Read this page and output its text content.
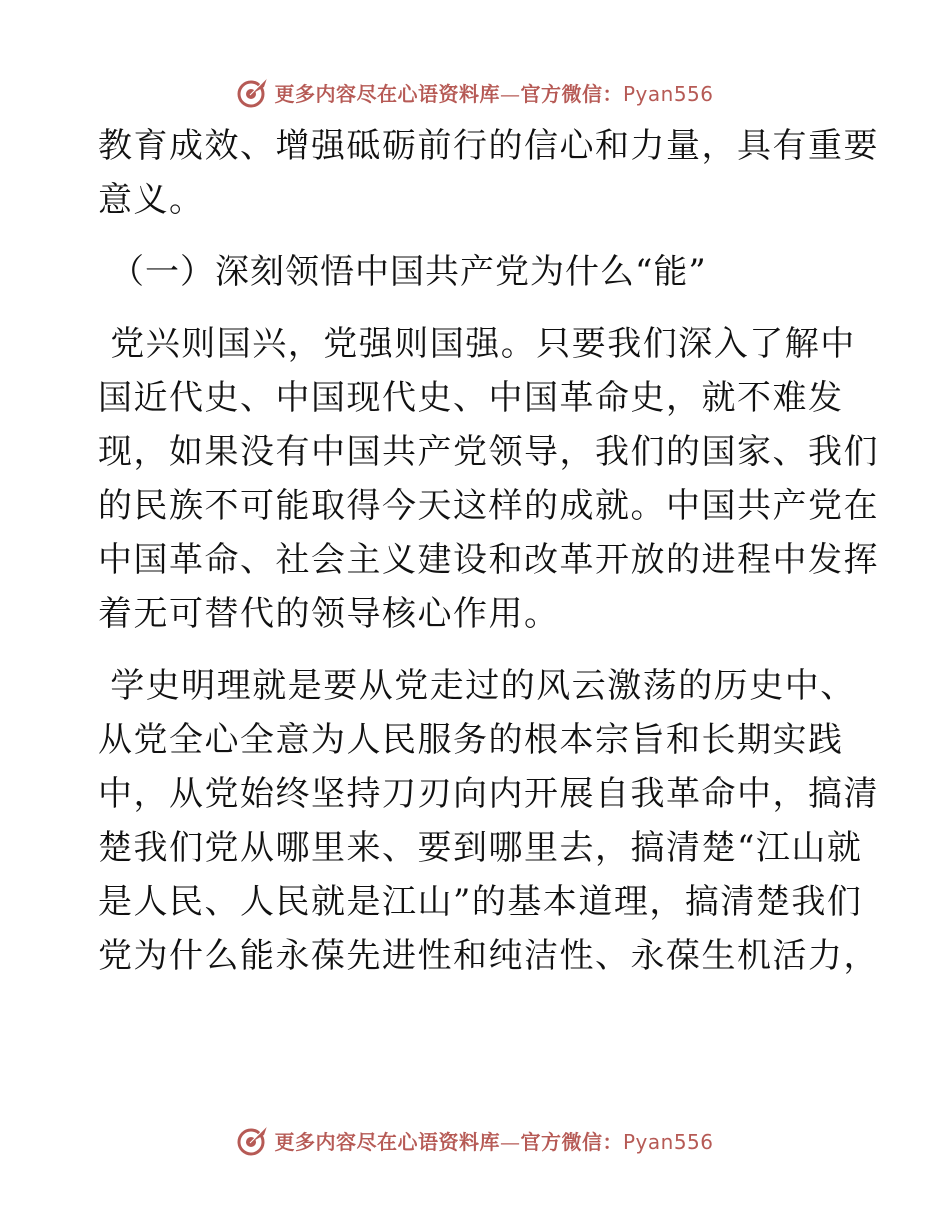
更多内容尽在心语资料库—官方微信：Pyan556
教育成效、增强砥砺前行的信心和力量，具有重要
意义。
（一）深刻领悟中国共产党为什么“能”
党兴则国兴，党强则国强。只要我们深入了解中
国近代史、中国现代史、中国革命史，就不难发
现，如果没有中国共产党领导，我们的国家、我们
的民族不可能取得今天这样的成就。中国共产党在
中国革命、社会主义建设和改革开放的进程中发挥
着无可替代的领导核心作用。
学史明理就是要从党走过的风云激荡的历史中、
从党全心全意为人民服务的根本宗旨和长期实践
中，从党始终坚持刀刃向内开展自我革命中，搞清
楚我们党从哪里来、要到哪里去，搞清楚“江山就
是人民、人民就是江山”的基本道理，搞清楚我们
党为什么能永葆先进性和纯洁性、永葆生机活力，
更多内容尽在心语资料库—官方微信：Pyan556
